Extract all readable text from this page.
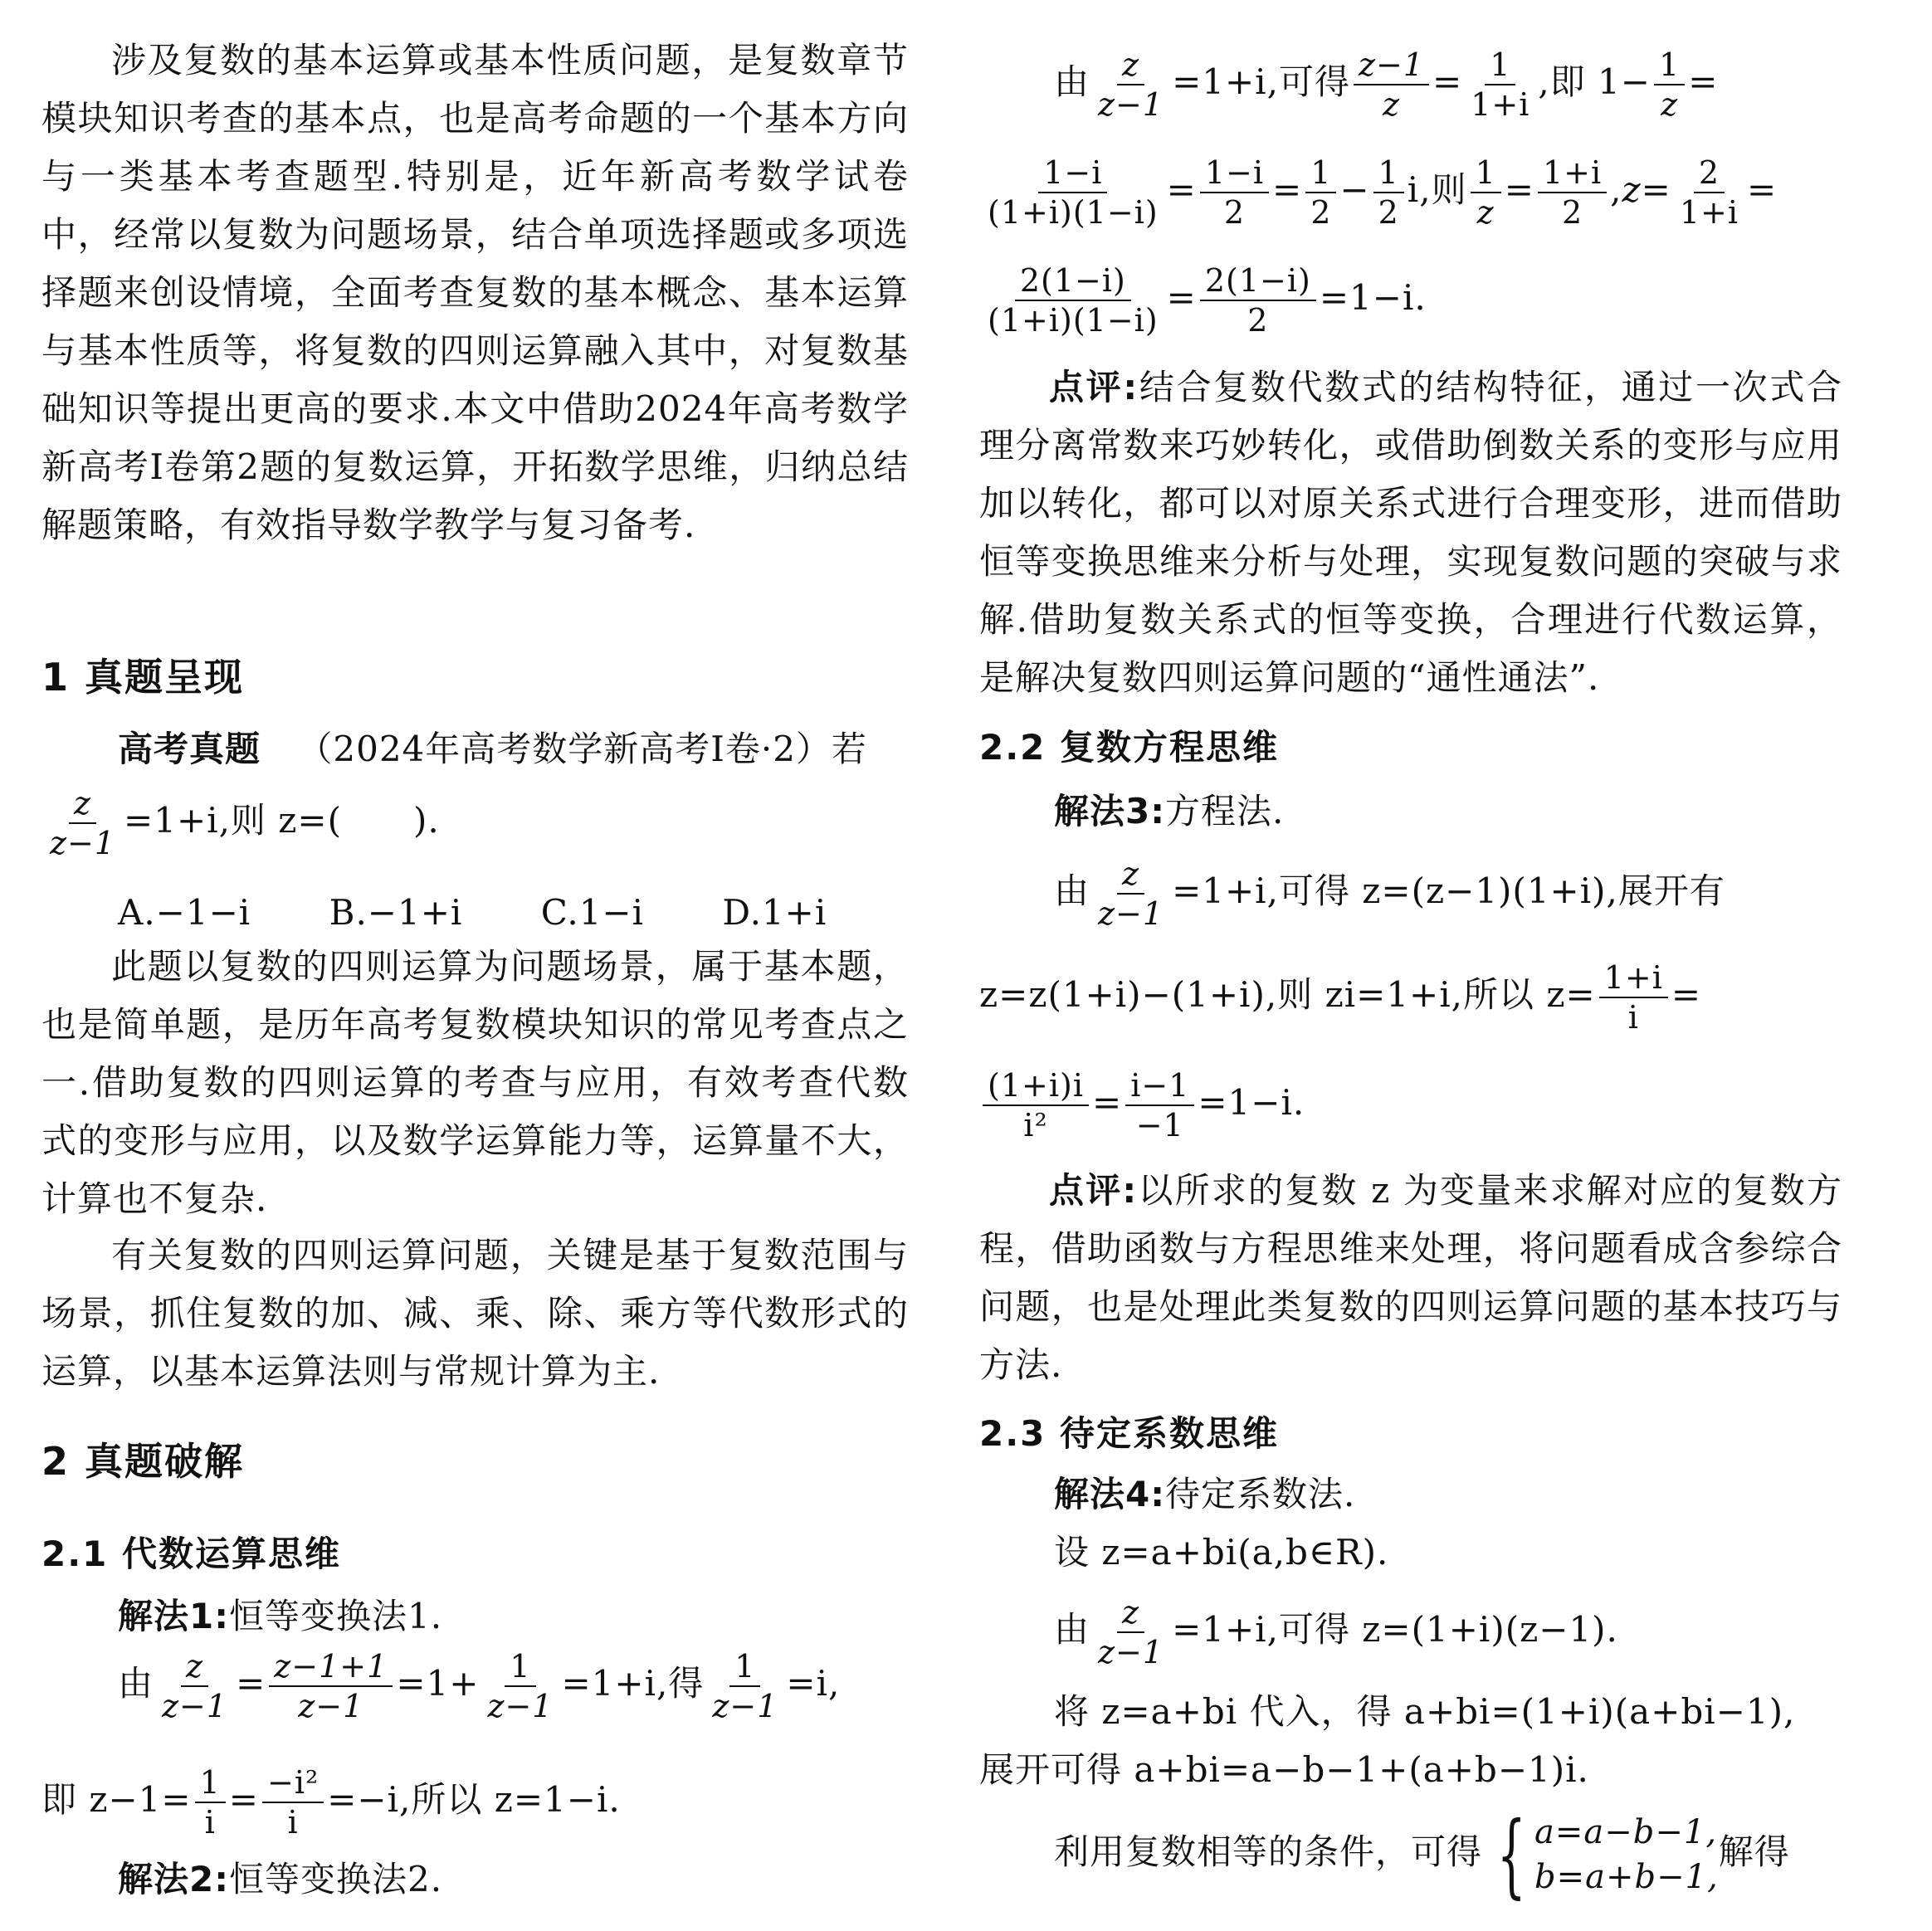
涉及复数的基本运算或基本性质问题，是复数章节模块知识考查的基本点，也是高考命题的一个基本方向与一类基本考查题型.特别是，近年新高考数学试卷中，经常以复数为问题场景，结合单项选择题或多项选择题来创设情境，全面考查复数的基本概念、基本运算与基本性质等，将复数的四则运算融入其中，对复数基础知识等提出更高的要求.本文中借助2024年高考数学新高考Ⅰ卷第2题的复数运算，开拓数学思维，归纳总结解题策略，有效指导数学教学与复习备考.

1 真题呈现
高考真题 （2024年高考数学新高考Ⅰ卷·2）若
$\frac{z}{z-1} =1+i$,则 z=(　　).
A.−1−i B.−1+i C.1−i D.1+i

此题以复数的四则运算为问题场景，属于基本题，也是简单题，是历年高考复数模块知识的常见考查点之一.借助复数的四则运算的考查与应用，有效考查代数式的变形与应用，以及数学运算能力等，运算量不大，计算也不复杂.

有关复数的四则运算问题，关键是基于复数范围与场景，抓住复数的加、减、乘、除、乘方等代数形式的运算，以基本运算法则与常规计算为主.

2 真题破解
2.1 代数运算思维
解法1:恒等变换法1.
由 $\frac{z}{z-1} = \frac{z-1+1}{z-1} =1+ \frac{1}{z-1} =1+i$,得 $\frac{1}{z-1} =i$,
即 $z-1= \frac{1}{i} = \frac{\text{−i²}}{i} =-i$,所以 z=1−i.
解法2:恒等变换法2.
由 $\frac{z}{z-1} =1+i$,可得 $\frac{z-1}{z} = \frac{1}{1+i}$ ,即 $1- \frac{1}{z}$ =
$\frac{1-i}{(1+i)(1-i)} = \frac{1-i}{2} = \frac{1}{2} - \frac{1}{2} i$,则 $\frac{1}{z} = \frac{1+i}{2} ,z= \frac{2}{1+i}$ =
$\frac{2(1-i)}{(1+i)(1-i)} = \frac{2(1-i)}{2} =1-i$.

点评:结合复数代数式的结构特征，通过一次式合理分离常数来巧妙转化，或借助倒数关系的变形与应用加以转化，都可以对原关系式进行合理变形，进而借助恒等变换思维来分析与处理，实现复数问题的突破与求解.借助复数关系式的恒等变换，合理进行代数运算，是解决复数四则运算问题的“通性通法”.

2.2 复数方程思维
解法3:方程法.
由 $\frac{z}{z-1} =1+i$,可得 z=(z−1)(1+i),展开有
z=z(1+i)−(1+i),则 zi=1+i,所以 $z= \frac{1+i}{i}$ =
$\frac{(1+i)i}{\text{i²}} = \frac{i-1}{-1} =1-i$.

点评:以所求的复数 z 为变量来求解对应的复数方程，借助函数与方程思维来处理，将问题看成含参综合问题，也是处理此类复数的四则运算问题的基本技巧与方法.

2.3 待定系数思维
解法4:待定系数法.
设 z=a+bi(a,b∈R).
由 $\frac{z}{z-1} =1+i$,可得 z=(1+i)(z−1).
将 z=a+bi 代入，得 a+bi=(1+i)(a+bi−1),
展开可得 a+bi=a−b−1+(a+b−1)i.
利用复数相等的条件，可得 { a=a−b−1,
b=a+b−1,
解得
